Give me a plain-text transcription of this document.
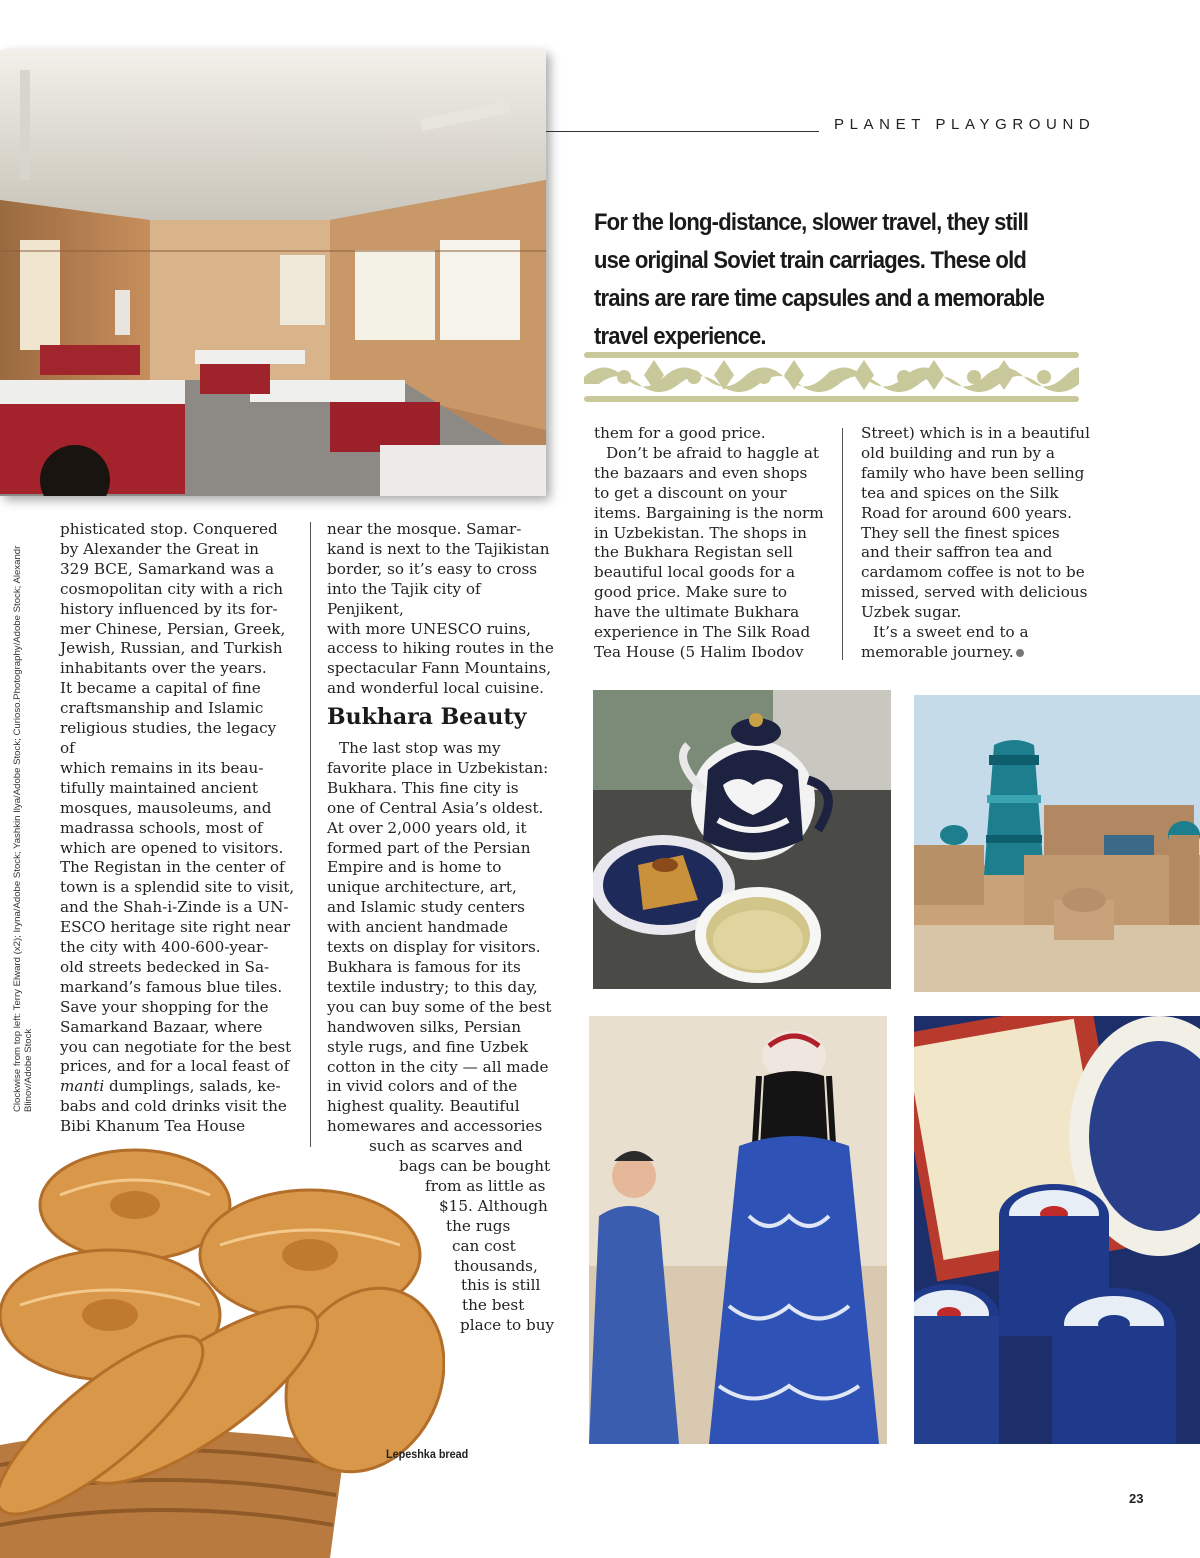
PLANET PLAYGROUND
For the long-distance, slower travel, they still use original Soviet train carriages. These old trains are rare time capsules and a memorable travel experience.
Clockwise from top left: Terry Elward (x2); Iryna/Adobe Stock; Yashkin Ilya/Adobe Stock; Curioso.Photography/Adobe Stock; Alexandr Blinov/Adobe Stock

phisticated stop. Conquered

by Alexander the Great in

329 BCE, Samarkand was a

cosmopolitan city with a rich

history influenced by its for-

mer Chinese, Persian, Greek,

Jewish, Russian, and Turkish

inhabitants over the years.

It became a capital of fine

craftsmanship and Islamic

religious studies, the legacy of

which remains in its beau-

tifully maintained ancient

mosques, mausoleums, and

madrassa schools, most of

which are opened to visitors.

The Registan in the center of

town is a splendid site to visit,

and the Shah-i-Zinde is a UN-

ESCO heritage site right near

the city with 400-600-year-

old streets bedecked in Sa-

markand’s famous blue tiles.

Save your shopping for the

Samarkand Bazaar, where

you can negotiate for the best

prices, and for a local feast of

manti dumplings, salads, ke-

babs and cold drinks visit the

Bibi Khanum Tea House

near the mosque. Samar-

kand is next to the Tajikistan

border, so it’s easy to cross

into the Tajik city of Penjikent,

with more UNESCO ruins,

access to hiking routes in the

spectacular Fann Mountains,

and wonderful local cuisine.

Bukhara Beauty

The last stop was my

favorite place in Uzbekistan:

Bukhara. This fine city is

one of Central Asia’s oldest.

At over 2,000 years old, it

formed part of the Persian

Empire and is home to

unique architecture, art,

and Islamic study centers

with ancient handmade

texts on display for visitors.

Bukhara is famous for its

textile industry; to this day,

you can buy some of the best

handwoven silks, Persian

style rugs, and fine Uzbek

cotton in the city — all made

in vivid colors and of the

highest quality. Beautiful

homewares and accessories

such as scarves and

bags can be bought

from as little as

$15. Although

the rugs

can cost

thousands,

this is still

the best

place to buy

them for a good price.

Don’t be afraid to haggle at

the bazaars and even shops

to get a discount on your

items. Bargaining is the norm

in Uzbekistan. The shops in

the Bukhara Registan sell

beautiful local goods for a

good price. Make sure to

have the ultimate Bukhara

experience in The Silk Road

Tea House (5 Halim Ibodov

Street) which is in a beautiful

old building and run by a

family who have been selling

tea and spices on the Silk

Road for around 600 years.

They sell the finest spices

and their saffron tea and

cardamom coffee is not to be

missed, served with delicious

Uzbek sugar.

It’s a sweet end to a

memorable journey.

Lepeshka bread
23
